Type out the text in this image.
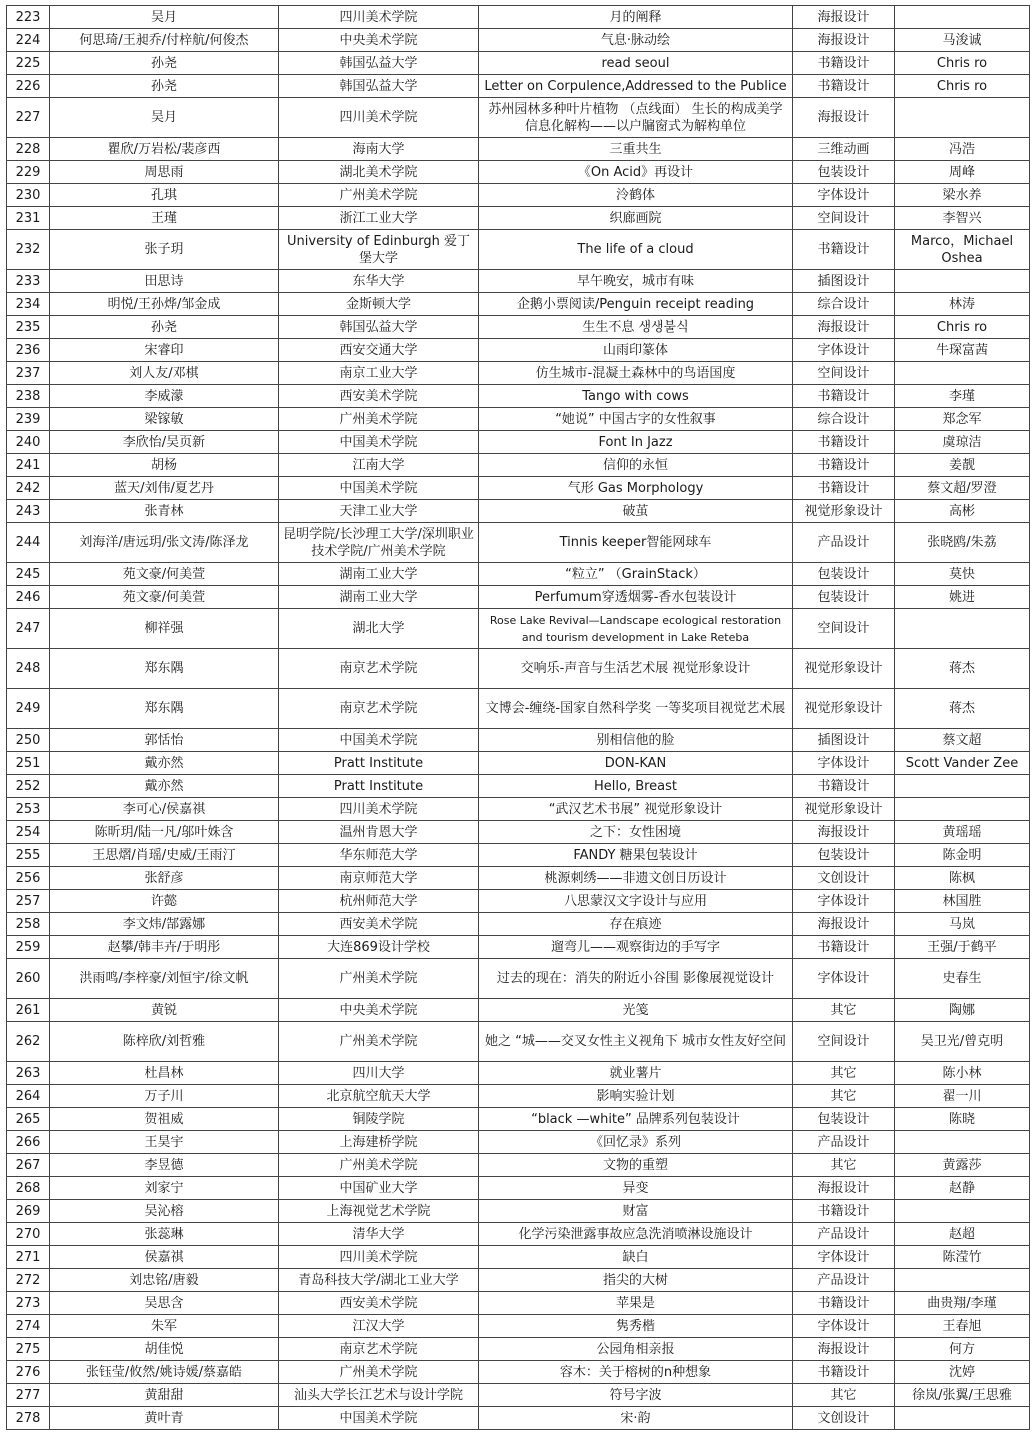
223	吴月	四川美术学院	月的阐释	海报设计	
224	何思琦/王昶乔/付梓航/何俊杰	中央美术学院	气息·脉动绘	海报设计	马浚诚
225	孙尧	韩国弘益大学	read seoul	书籍设计	Chris ro
226	孙尧	韩国弘益大学	Letter on Corpulence,Addressed to the Publice	书籍设计	Chris ro
227	吴月	四川美术学院	苏州园林多种叶片植物 （点线面） 生长的构成美学信息化解构——以户牖窗式为解构单位	海报设计	
228	瞿欣/万岩松/裴彦西	海南大学	三重共生	三维动画	冯浩
229	周思雨	湖北美术学院	《On Acid》再设计	包装设计	周峰
230	孔琪	广州美术学院	泠鹤体	字体设计	梁水养
231	王瑾	浙江工业大学	织廊画院	空间设计	李智兴
232	张子玥	University of Edinburgh 爱丁堡大学	The life of a cloud	书籍设计	Marco，Michael Oshea
233	田思诗	东华大学	早午晚安，城市有味	插图设计	
234	明悦/王孙烨/邹金成	金斯顿大学	企鹅小票阅读/Penguin receipt reading	综合设计	林涛
235	孙尧	韩国弘益大学	生生不息 생생불식	海报设计	Chris ro
236	宋睿印	西安交通大学	山雨印篆体	字体设计	牛琛富茜
237	刘人友/邓棋	南京工业大学	仿生城市-混凝土森林中的鸟语国度	空间设计	
238	李威濛	西安美术学院	Tango with cows	书籍设计	李瑾
239	梁镓敏	广州美术学院	“她说” 中国古字的女性叙事	综合设计	郑念军
240	李欣怡/吴页新	中国美术学院	Font In Jazz	书籍设计	虞琼洁
241	胡杨	江南大学	信仰的永恒	书籍设计	姜靓
242	蓝天/刘伟/夏艺丹	中国美术学院	气形 Gas Morphology	书籍设计	蔡文超/罗澄
243	张青林	天津工业大学	破茧	视觉形象设计	高彬
244	刘海洋/唐远玥/张文涛/陈泽龙	昆明学院/长沙理工大学/深圳职业技术学院/广州美术学院	Tinnis keeper智能网球车	产品设计	张晓鸥/朱荔
245	苑文豪/何美萱	湖南工业大学	“粒立” （GrainStack）	包装设计	莫快
246	苑文豪/何美萱	湖南工业大学	Perfumum穿透烟雾-香水包装设计	包装设计	姚进
247	柳祥强	湖北大学	Rose Lake Revival—Landscape ecological restoration and tourism development in Lake Reteba	空间设计	
248	郑东隅	南京艺术学院	交响乐-声音与生活艺术展 视觉形象设计	视觉形象设计	蒋杰
249	郑东隅	南京艺术学院	文博会-缠绕-国家自然科学奖 一等奖项目视觉艺术展	视觉形象设计	蒋杰
250	郭恬怡	中国美术学院	别相信他的脸	插图设计	蔡文超
251	戴亦然	Pratt Institute	DON-KAN	字体设计	Scott Vander Zee
252	戴亦然	Pratt Institute	Hello, Breast	书籍设计	
253	李可心/侯嘉祺	四川美术学院	“武汉艺术书展” 视觉形象设计	视觉形象设计	
254	陈昕玥/陆一凡/邬叶姝含	温州肯恩大学	之下：女性困境	海报设计	黄瑶瑶
255	王思熠/肖瑶/史威/王雨汀	华东师范大学	FANDY 糖果包装设计	包装设计	陈金明
256	张舒彦	南京师范大学	桃源刺绣——非遗文创日历设计	文创设计	陈枫
257	许懿	杭州师范大学	八思蒙汉文字设计与应用	字体设计	林国胜
258	李文炜/郜露娜	西安美术学院	存在痕迹	海报设计	马岚
259	赵攀/韩丰卉/于明彤	大连869设计学校	遛弯儿——观察街边的手写字	书籍设计	王强/于鹤平
260	洪雨鸣/李梓豪/刘恒宇/徐文帆	广州美术学院	过去的现在：消失的附近小谷围 影像展视觉设计	字体设计	史春生
261	黄锐	中央美术学院	光笺	其它	陶娜
262	陈梓欣/刘哲雅	广州美术学院	她之 “城——交叉女性主义视角下 城市女性友好空间	空间设计	吴卫光/曾克明
263	杜昌林	四川大学	就业薯片	其它	陈小林
264	万子川	北京航空航天大学	影响实验计划	其它	翟一川
265	贺祖威	铜陵学院	“black —white” 品牌系列包装设计	包装设计	陈晓
266	王昊宇	上海建桥学院	《回忆录》系列	产品设计	
267	李昱德	广州美术学院	文物的重塑	其它	黄露莎
268	刘家宁	中国矿业大学	异变	海报设计	赵静
269	吴沁榕	上海视觉艺术学院	财富	书籍设计	
270	张蕊琳	清华大学	化学污染泄露事故应急洗消喷淋设施设计	产品设计	赵超
271	侯嘉祺	四川美术学院	缺白	字体设计	陈滢竹
272	刘忠铭/唐毅	青岛科技大学/湖北工业大学	指尖的大树	产品设计	
273	吴思含	西安美术学院	苹果是	书籍设计	曲贵翔/李瑾
274	朱军	江汉大学	隽秀楷	字体设计	王春旭
275	胡佳悦	南京艺术学院	公园角相亲报	海报设计	何方
276	张钰莹/攸然/姚诗媛/蔡嘉皓	广州美术学院	容木：关于榕树的n种想象	书籍设计	沈婷
277	黄甜甜	汕头大学长江艺术与设计学院	符号字波	其它	徐岚/张翼/王思雅
278	黄叶青	中国美术学院	宋·韵	文创设计	
